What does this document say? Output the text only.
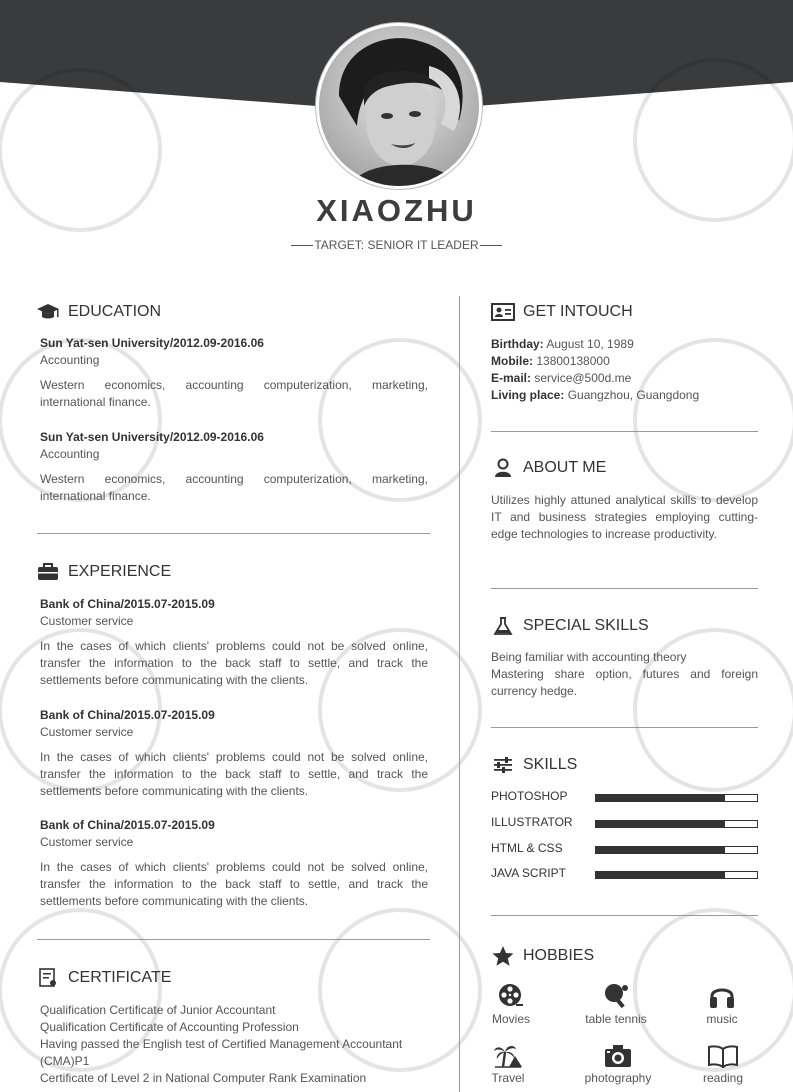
XIAOZHU
TARGET: SENIOR IT LEADER
EDUCATION
Sun Yat-sen University/2012.09-2016.06
Accounting
Western economics, accounting computerization, marketing, international finance.
Sun Yat-sen University/2012.09-2016.06
Accounting
Western economics, accounting computerization, marketing, international finance.
EXPERIENCE
Bank of China/2015.07-2015.09
Customer service
In the cases of which clients' problems could not be solved online, transfer the information to the back staff to settle, and track the settlements before communicating with the clients.
Bank of China/2015.07-2015.09
Customer service
In the cases of which clients' problems could not be solved online, transfer the information to the back staff to settle, and track the settlements before communicating with the clients.
Bank of China/2015.07-2015.09
Customer service
In the cases of which clients' problems could not be solved online, transfer the information to the back staff to settle, and track the settlements before communicating with the clients.
CERTIFICATE
Qualification Certificate of Junior Accountant
Qualification Certificate of Accounting Profession
Having passed the English test of Certified Management Accountant (CMA)P1
Certificate of Level 2 in National Computer Rank Examination
GET INTOUCH
Birthday: August 10, 1989
Mobile: 13800138000
E-mail: service@500d.me
Living place: Guangzhou, Guangdong
ABOUT ME
Utilizes highly attuned analytical skills to develop IT and business strategies employing cutting-edge technologies to increase productivity.
SPECIAL SKILLS
Being familiar with accounting theory
Mastering share option, futures and foreign currency hedge.
SKILLS
PHOTOSHOP
ILLUSTRATOR
HTML & CSS
JAVA SCRIPT
HOBBIES
Movies	table tennis	music
Travel	photography	reading
